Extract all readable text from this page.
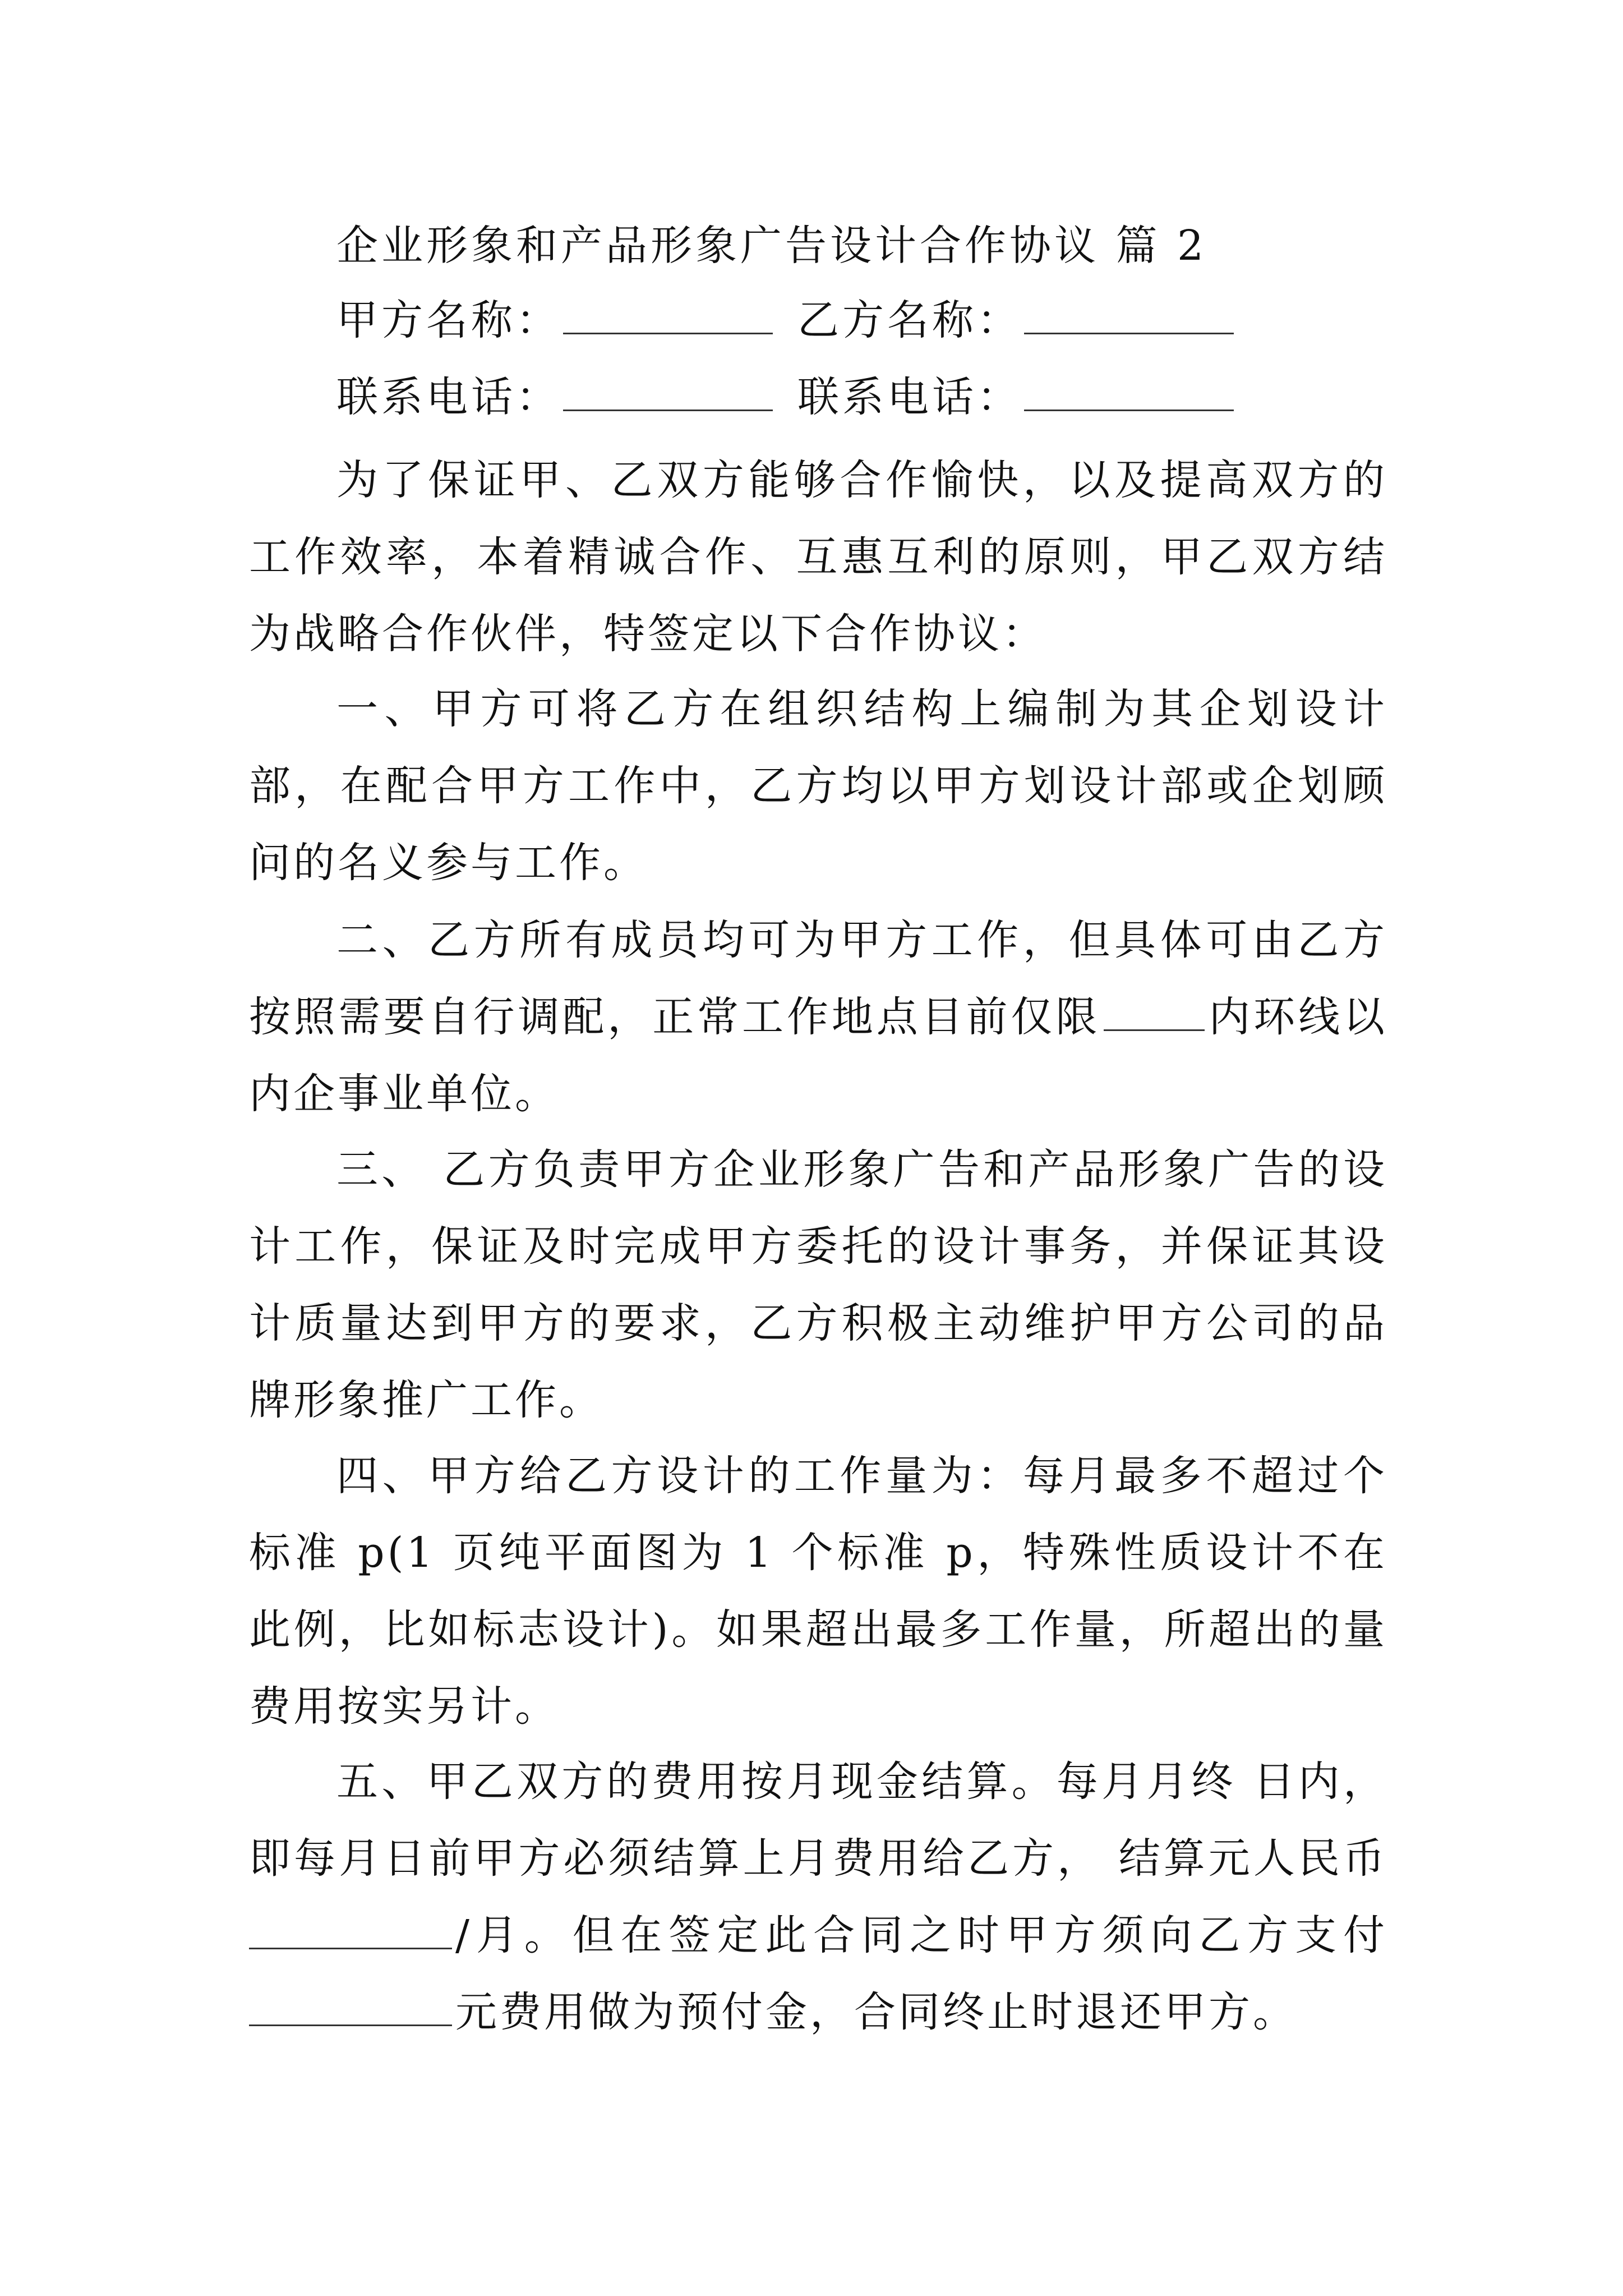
企业形象和产品形象广告设计合作协议 篇 2
甲方名称：	乙方名称：
联系电话：	联系电话：

为了保证甲、乙双方能够合作愉快，以及提高双方的工作效率，本着精诚合作、互惠互利的原则，甲乙双方结为战略合作伙伴，特签定以下合作协议：

一、甲方可将乙方在组织结构上编制为其企划设计部，在配合甲方工作中，乙方均以甲方划设计部或企划顾问的名义参与工作。

二、乙方所有成员均可为甲方工作，但具体可由乙方按照需要自行调配，正常工作地点目前仅限	内环线以内企事业单位。

三、 乙方负责甲方企业形象广告和产品形象广告的设计工作，保证及时完成甲方委托的设计事务，并保证其设计质量达到甲方的要求，乙方积极主动维护甲方公司的品牌形象推广工作。

四、甲方给乙方设计的工作量为：每月最多不超过个标准 p(1 页纯平面图为 1 个标准 p，特殊性质设计不在此例，比如标志设计)。如果超出最多工作量，所超出的量费用按实另计。

五、甲乙双方的费用按月现金结算。每月月终 日内，即每月日前甲方必须结算上月费用给乙方， 结算元人民币/月。但在签定此合同之时甲方须向乙方支付元费用做为预付金，合同终止时退还甲方。
